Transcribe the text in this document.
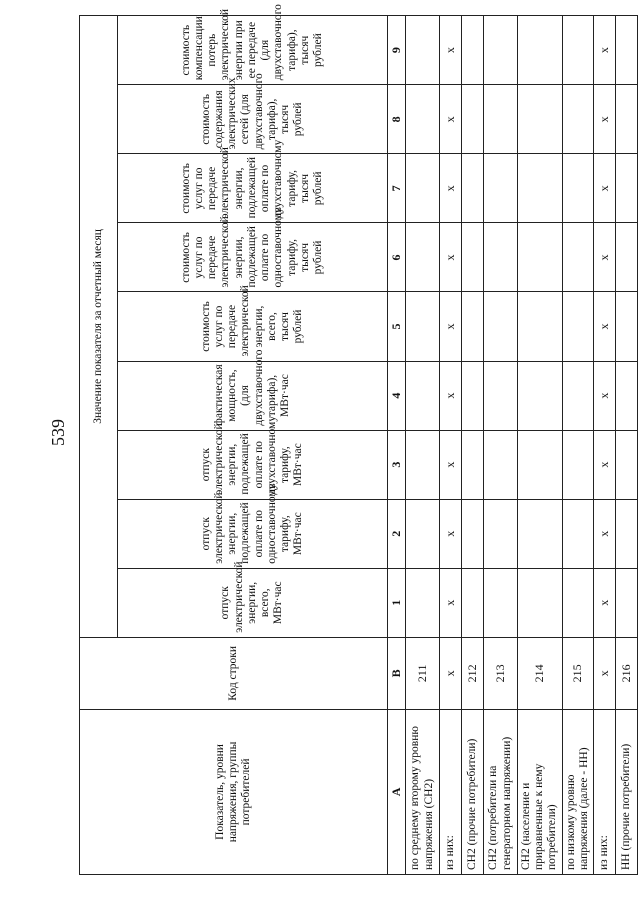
539
Показатель, уровни напряжения, группы потребителей	Код строки	Значение показателя за отчетный месяц								
		отпуск электрической энергии, всего, МВт·час	отпуск электрической энергии, подлежащей оплате по одноставочному тарифу, МВт·час	отпуск электрической энергии, подлежащей оплате по двухставочному тарифу, МВт·час	фактическая мощность, (для двухставочного тарифа), МВт·час	стоимость услуг по передаче электрической энергии, всего, тысяч рублей	стоимость услуг по передаче электрической энергии, подлежащей оплате по одноставочному тарифу, тысяч рублей	стоимость услуг по передаче электрической энергии, подлежащей оплате по двухставочному тарифу, тысяч рублей	стоимость содержания электрических сетей (для двухставочного тарифа), тысяч рублей	стоимость компенсации потерь электрической энергии при ее передаче (для двухставочного тарифа), тысяч рублей
А	В	1	2	3	4	5	6	7	8	9
по среднему второму уровню напряжения (СН2)	211									
из них:	x	x	x	x	x	x	x	x	x	x
СН2 (прочие потребители)	212									
СН2 (потребители на генераторном напряжении)	213									
СН2 (население и приравненные к нему потребители)	214									
по низкому уровню напряжения (далее - НН)	215									
из них:	x	x	x	x	x	x	x	x	x	x
НН (прочие потребители)	216									
